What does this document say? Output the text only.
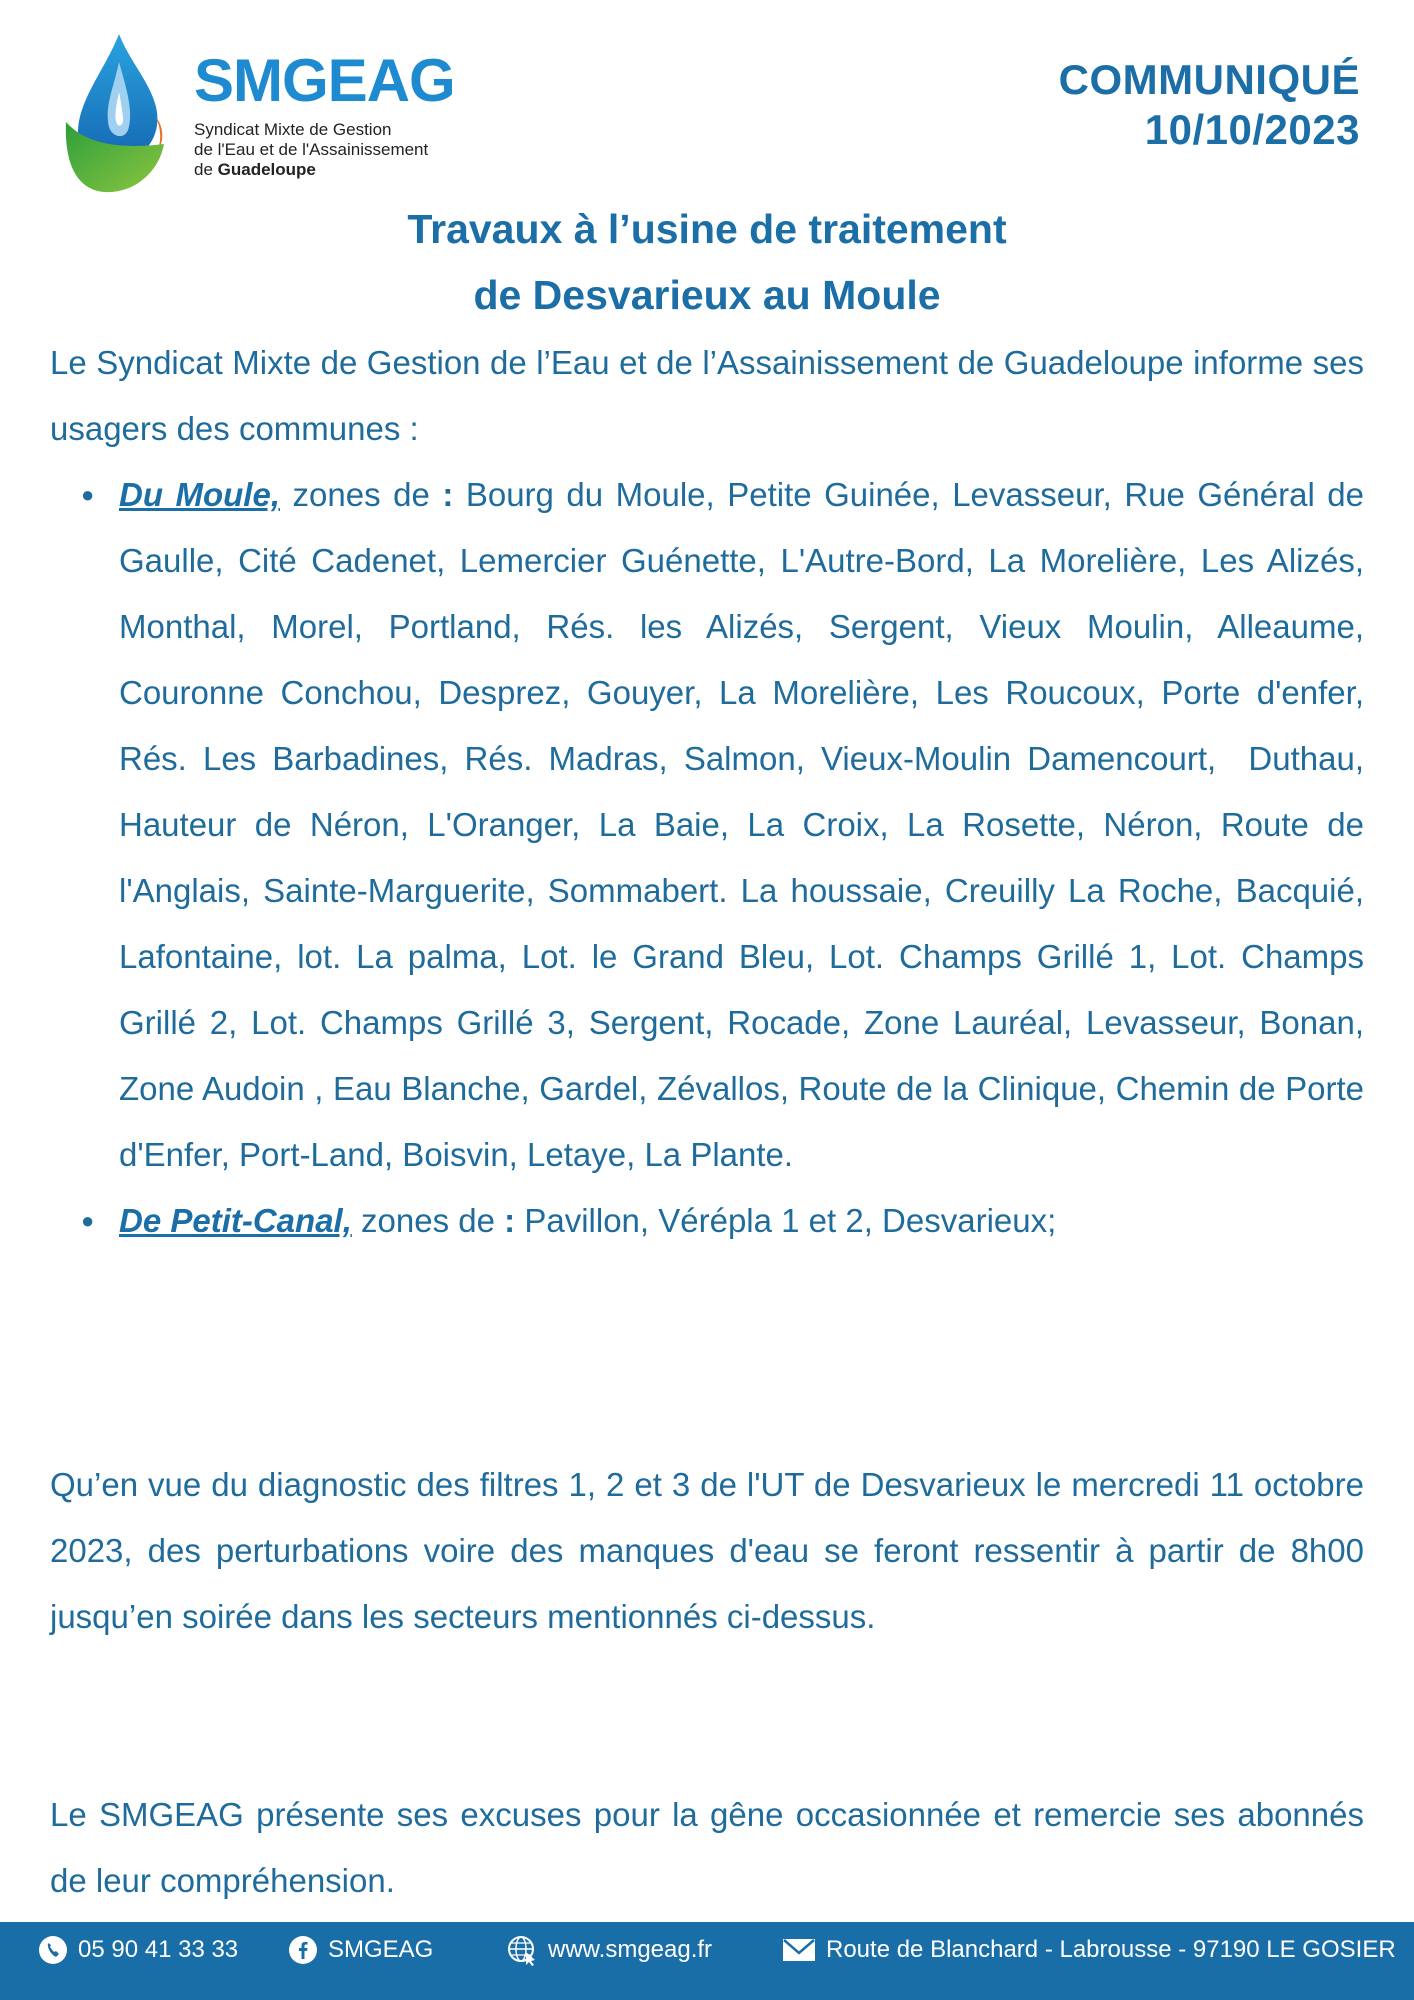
SMGEAG
Syndicat Mixte de Gestion
de l'Eau et de l'Assainissement
de Guadeloupe
COMMUNIQUÉ
10/10/2023
Travaux à l’usine de traitement
de Desvarieux au Moule

Le Syndicat Mixte de Gestion de l’Eau et de l’Assainissement de Guadeloupe informe ses usagers des communes :

● Du Moule, zones de : Bourg du Moule, Petite Guinée, Levasseur, Rue Général de Gaulle, Cité Cadenet, Lemercier Guénette, L'Autre-Bord, La Morelière, Les Alizés, Monthal, Morel, Portland, Rés. les Alizés, Sergent, Vieux Moulin, Alleaume, Couronne Conchou, Desprez, Gouyer, La Morelière, Les Roucoux, Porte d'enfer, Rés. Les Barbadines, Rés. Madras, Salmon, Vieux-Moulin Damencourt,  Duthau, Hauteur de Néron, L'Oranger, La Baie, La Croix, La Rosette, Néron, Route de l'Anglais, Sainte-Marguerite, Sommabert. La houssaie, Creuilly La Roche, Bacquié, Lafontaine, lot. La palma, Lot. le Grand Bleu, Lot. Champs Grillé 1, Lot. Champs Grillé 2, Lot. Champs Grillé 3, Sergent, Rocade, Zone Lauréal, Levasseur, Bonan, Zone Audoin , Eau Blanche, Gardel, Zévallos, Route de la Clinique, Chemin de Porte d'Enfer, Port-Land, Boisvin, Letaye, La Plante.
● De Petit-Canal, zones de : Pavillon, Vérépla 1 et 2, Desvarieux;

Qu’en vue du diagnostic des filtres 1, 2 et 3 de l'UT de Desvarieux le mercredi 11 octobre 2023, des perturbations voire des manques d'eau se feront ressentir à partir de 8h00 jusqu’en soirée dans les secteurs mentionnés ci-dessus.

Le SMGEAG présente ses excuses pour la gêne occasionnée et remercie ses abonnés de leur compréhension.

05 90 41 33 33	SMGEAG	www.smgeag.fr	Route de Blanchard - Labrousse - 97190 LE GOSIER
